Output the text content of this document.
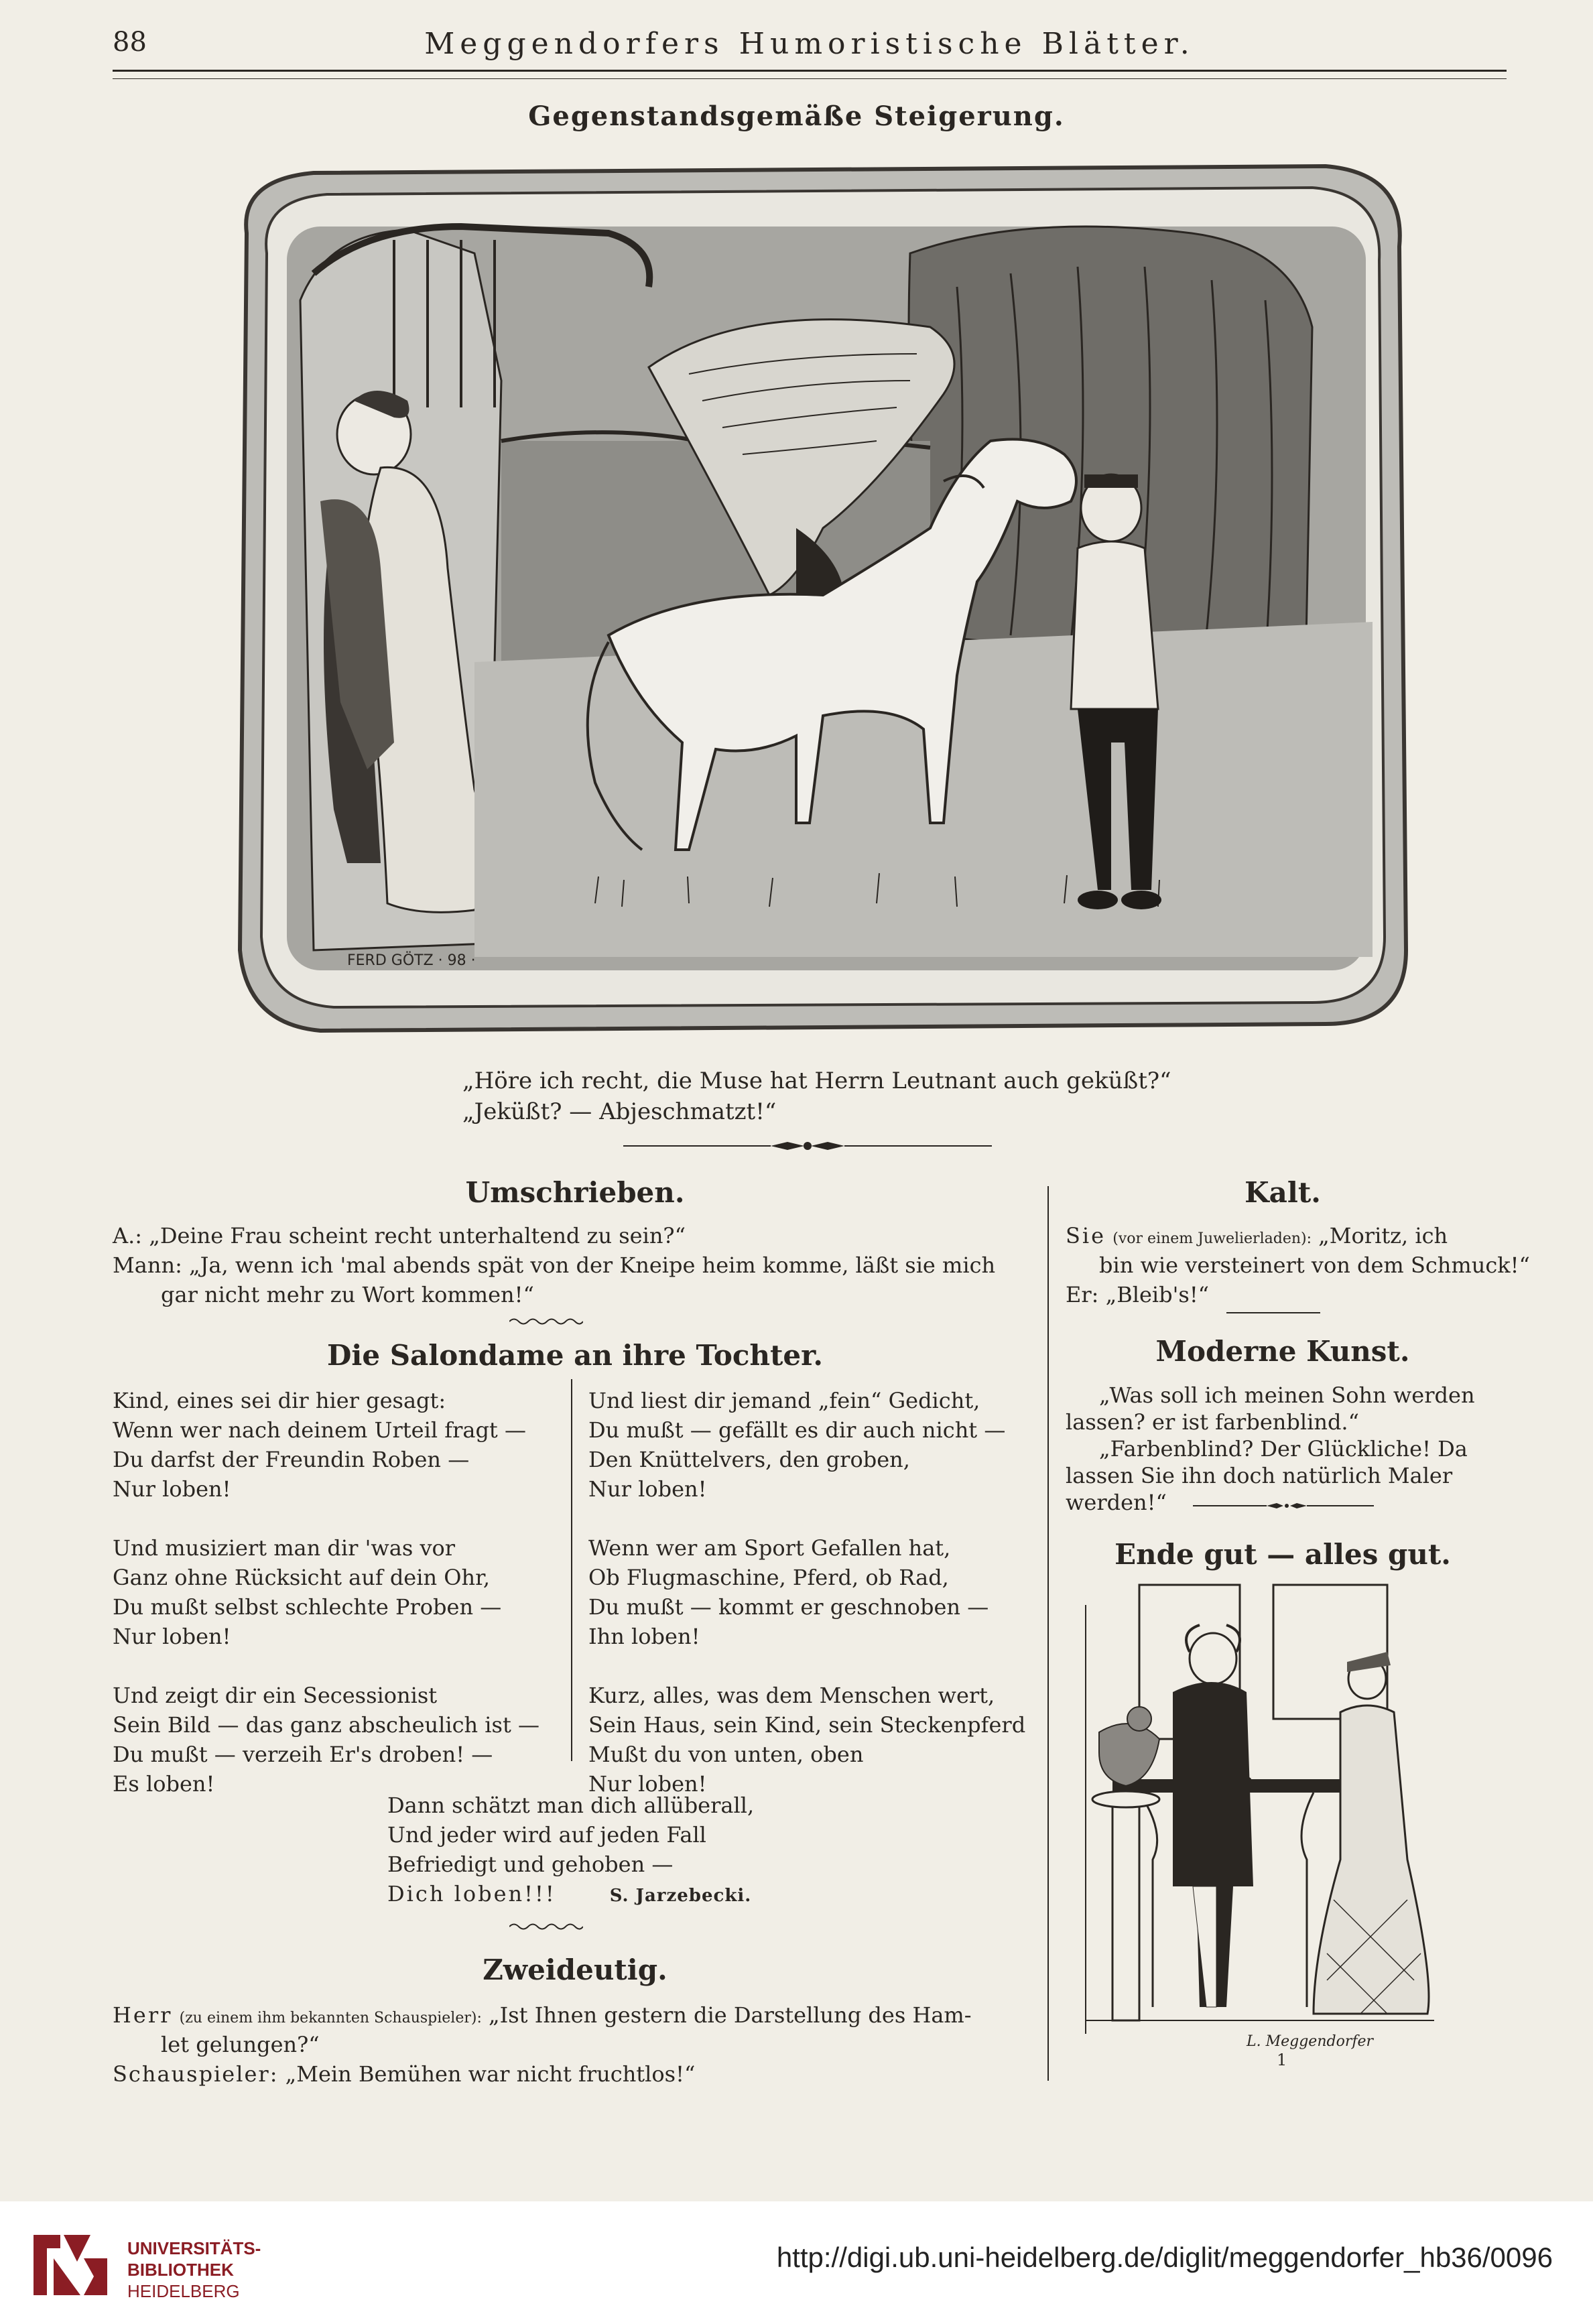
88	Meggendorfers Humoristische Blätter.
Gegenstandsgemäße Steigerung.
FERD GÖTZ · 98 ·
„Höre ich recht, die Muse hat Herrn Leutnant auch geküßt?“
„Jeküßt? — Abjeschmatzt!“
Umschrieben.
A.: „Deine Frau scheint recht unterhaltend zu sein?“
Mann: „Ja, wenn ich 'mal abends spät von der Kneipe heim komme, läßt sie mich
gar nicht mehr zu Wort kommen!“
Die Salondame an ihre Tochter.
Kind, eines sei dir hier gesagt:
Wenn wer nach deinem Urteil fragt —
Du darfst der Freundin Roben —
Nur loben!

Und musiziert man dir 'was vor
Ganz ohne Rücksicht auf dein Ohr,
Du mußt selbst schlechte Proben —
Nur loben!

Und zeigt dir ein Secessionist
Sein Bild — das ganz abscheulich ist —
Du mußt — verzeih Er's droben! —
Es loben!
Und liest dir jemand „fein“ Gedicht,
Du mußt — gefällt es dir auch nicht —
Den Knüttelvers, den groben,
Nur loben!

Wenn wer am Sport Gefallen hat,
Ob Flugmaschine, Pferd, ob Rad,
Du mußt — kommt er geschnoben —
Ihn loben!

Kurz, alles, was dem Menschen wert,
Sein Haus, sein Kind, sein Steckenpferd
Mußt du von unten, oben
Nur loben!
Dann schätzt man dich allüberall,
Und jeder wird auf jeden Fall
Befriedigt und gehoben —
Dich loben!!!	S. Jarzebecki.
Zweideutig.
Herr (zu einem ihm bekannten Schauspieler): „Ist Ihnen gestern die Darstellung des Ham-
let gelungen?“
Schauspieler: „Mein Bemühen war nicht fruchtlos!“
Kalt.
Sie (vor einem Juwelierladen): „Moritz, ich
bin wie versteinert von dem Schmuck!“
Er: „Bleib's!“
Moderne Kunst.
„Was soll ich meinen Sohn werden
lassen? er ist farbenblind.“
„Farbenblind? Der Glückliche! Da
lassen Sie ihn doch natürlich Maler
werden!“
Ende gut — alles gut.
L. Meggendorfer
1
UNIVERSITÄTS-
BIBLIOTHEK
HEIDELBERG
http://digi.ub.uni-heidelberg.de/diglit/meggendorfer_hb36/0096
